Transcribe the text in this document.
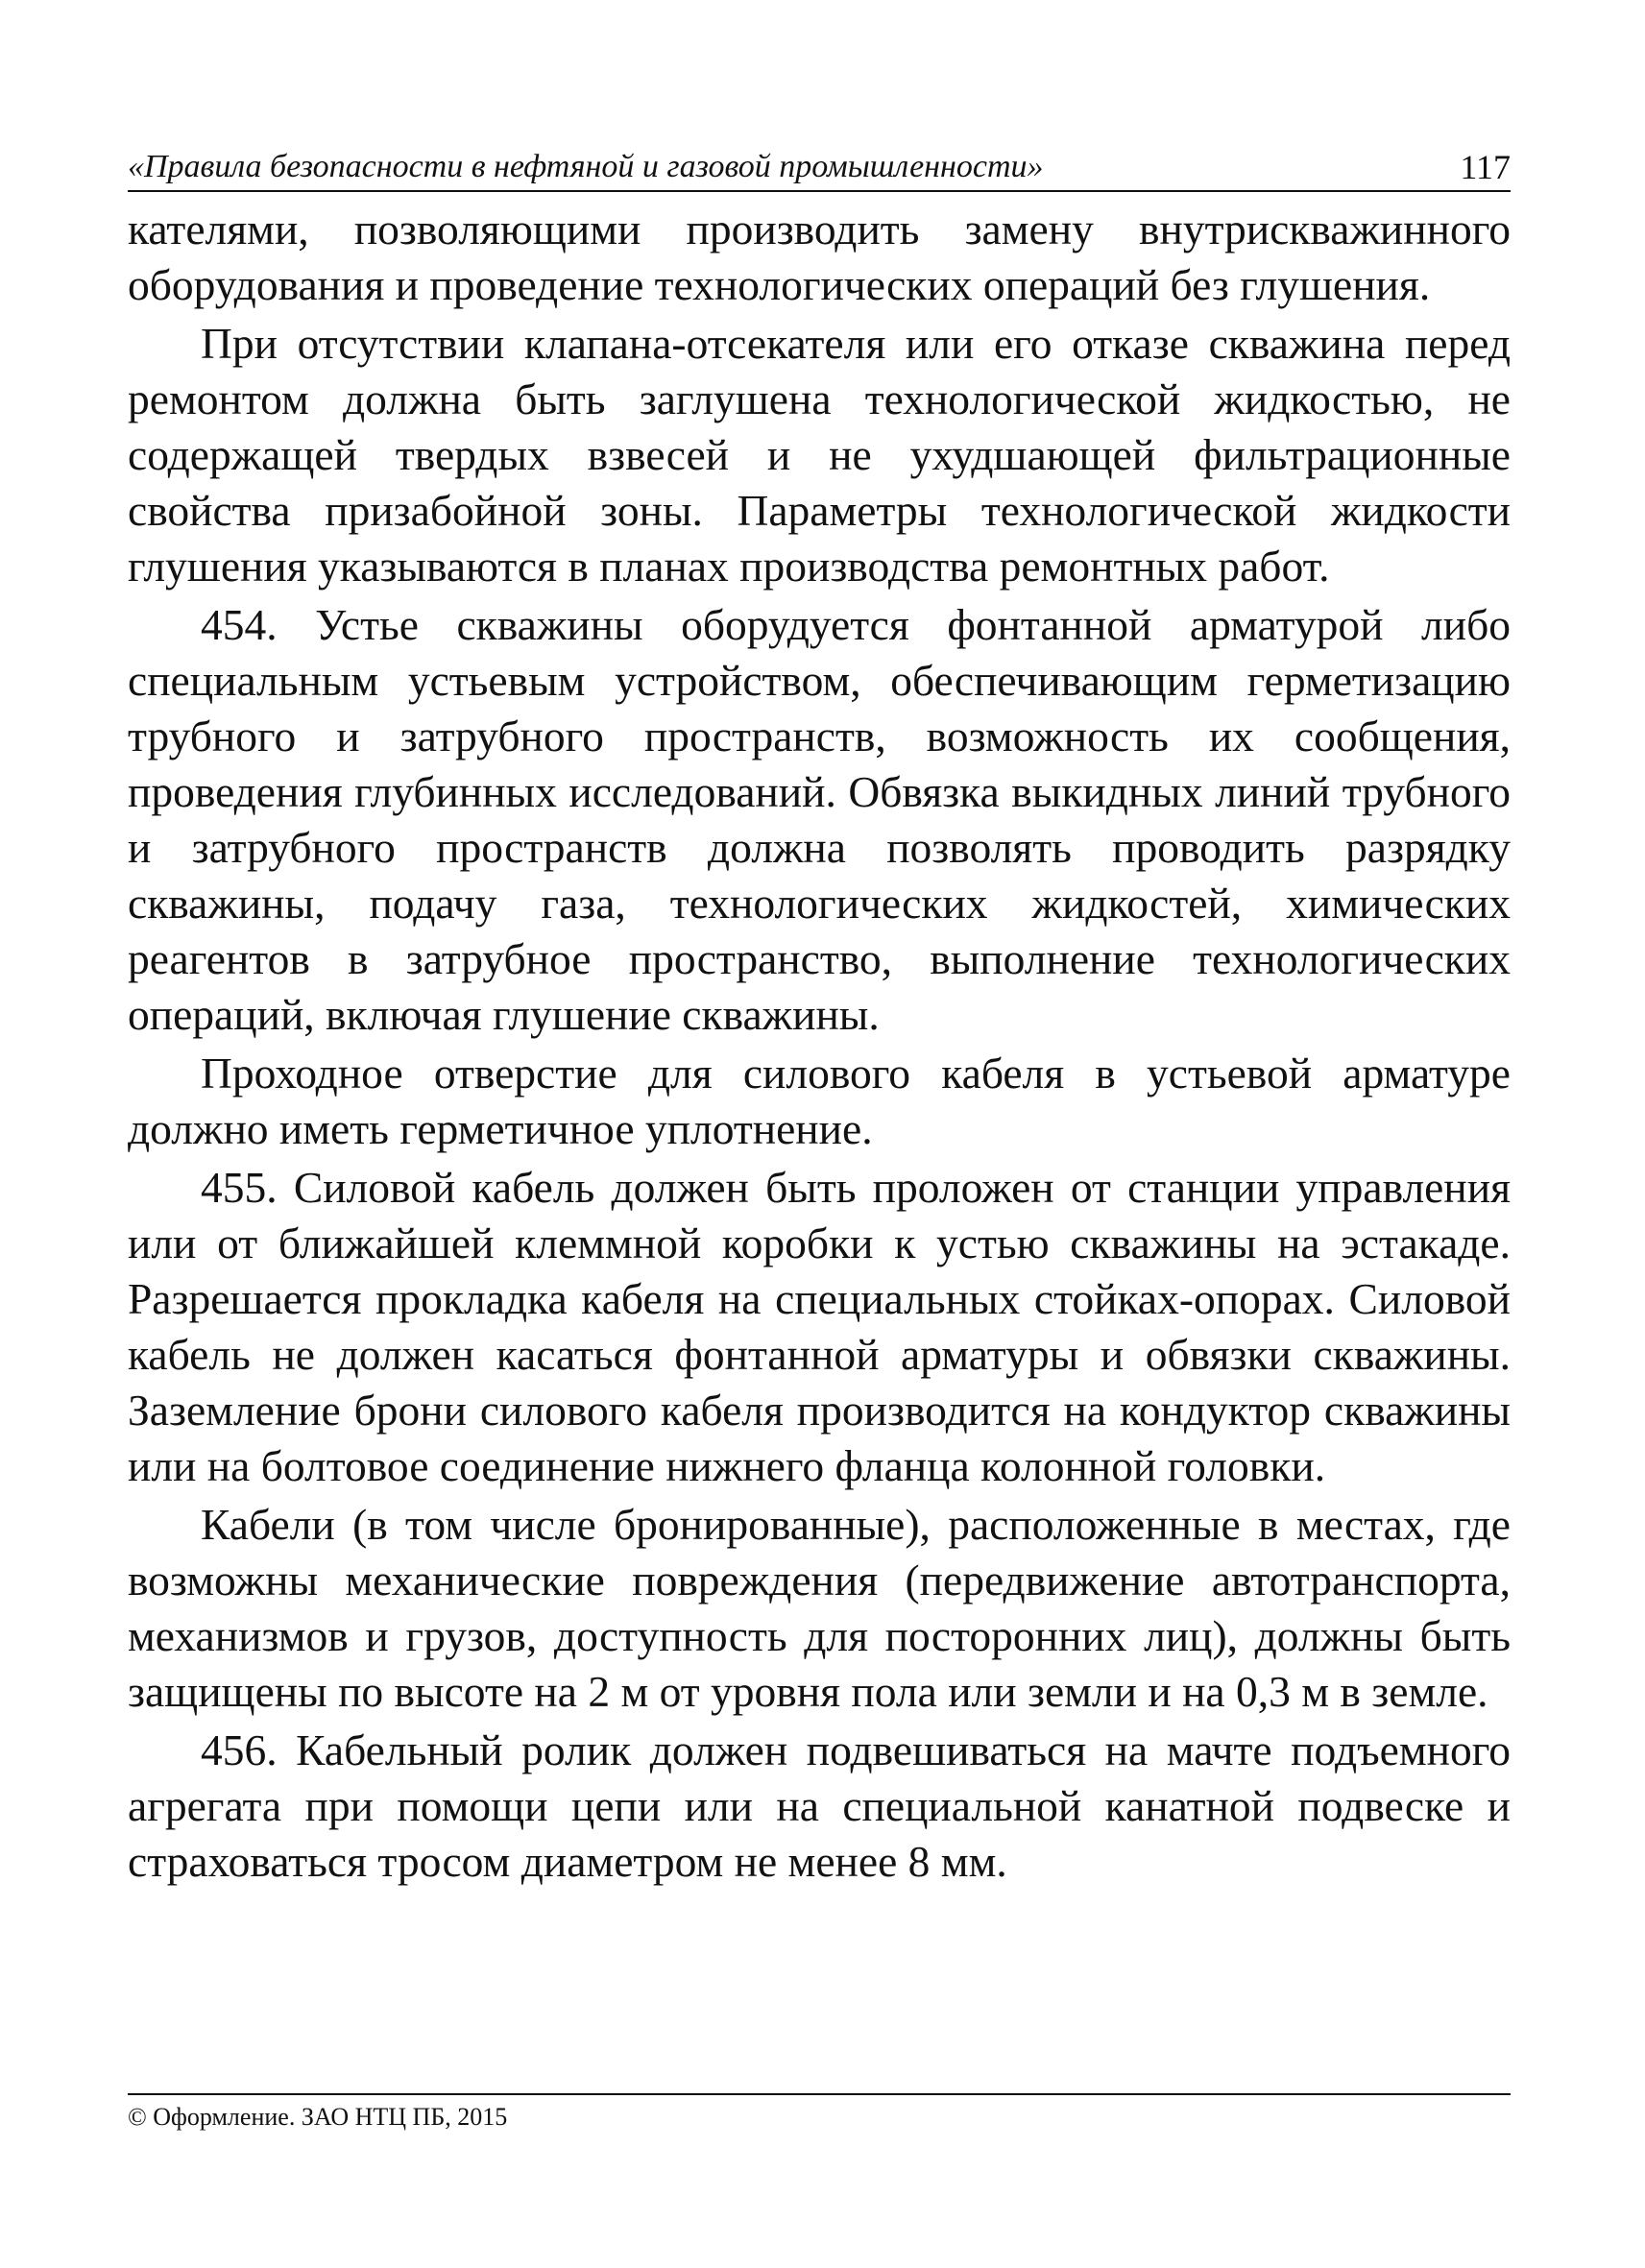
«Правила безопасности в нефтяной и газовой промышленности»	117

кателями, позволяющими производить замену внутрискважинного оборудования и проведение технологических операций без глушения.

При отсутствии клапана-отсекателя или его отказе скважина перед ремонтом должна быть заглушена технологической жидкостью, не содержащей твердых взвесей и не ухудшающей фильтрационные свойства призабойной зоны. Параметры технологической жидкости глушения указываются в планах производства ремонтных работ.

454. Устье скважины оборудуется фонтанной арматурой либо специальным устьевым устройством, обеспечивающим герметизацию трубного и затрубного пространств, возможность их сообщения, проведения глубинных исследований. Обвязка выкидных линий трубного и затрубного пространств должна позволять проводить разрядку скважины, подачу газа, технологических жидкостей, химических реагентов в затрубное пространство, выполнение технологических операций, включая глушение скважины.

Проходное отверстие для силового кабеля в устьевой арматуре должно иметь герметичное уплотнение.

455. Силовой кабель должен быть проложен от станции управления или от ближайшей клеммной коробки к устью скважины на эстакаде. Разрешается прокладка кабеля на специальных стойках-опорах. Силовой кабель не должен касаться фонтанной арматуры и обвязки скважины. Заземление брони силового кабеля производится на кондуктор скважины или на болтовое соединение нижнего фланца колонной головки.

Кабели (в том числе бронированные), расположенные в местах, где возможны механические повреждения (передвижение автотранспорта, механизмов и грузов, доступность для посторонних лиц), должны быть защищены по высоте на 2 м от уровня пола или земли и на 0,3 м в земле.

456. Кабельный ролик должен подвешиваться на мачте подъемного агрегата при помощи цепи или на специальной канатной подвеске и страховаться тросом диаметром не менее 8 мм.

© Оформление. ЗАО НТЦ ПБ, 2015
